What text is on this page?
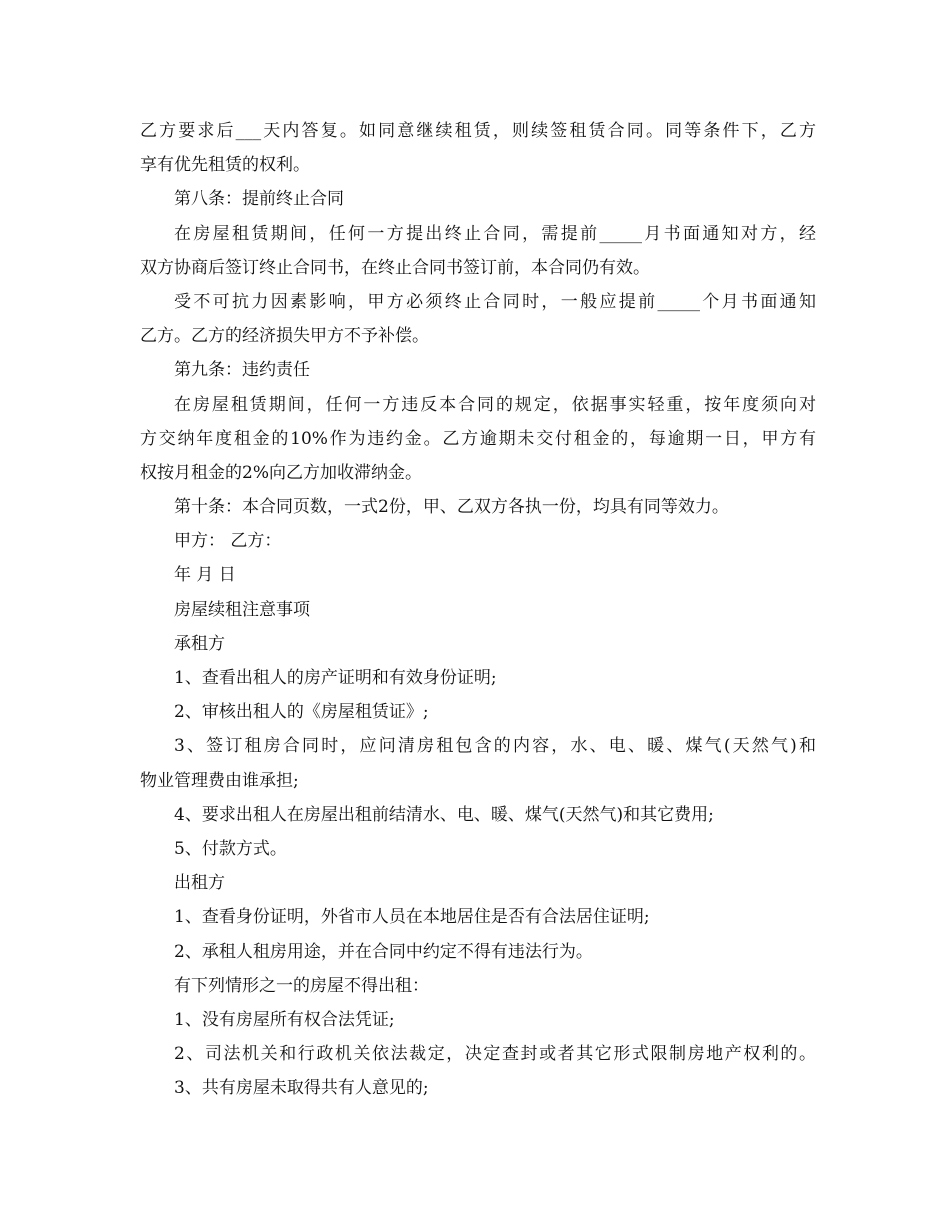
乙方要求后___天内答复。如同意继续租赁，则续签租赁合同。同等条件下，乙方
享有优先租赁的权利。
第八条：提前终止合同
在房屋租赁期间，任何一方提出终止合同，需提前_____月书面通知对方，经
双方协商后签订终止合同书，在终止合同书签订前，本合同仍有效。
受不可抗力因素影响，甲方必须终止合同时，一般应提前_____个月书面通知
乙方。乙方的经济损失甲方不予补偿。
第九条：违约责任
在房屋租赁期间，任何一方违反本合同的规定，依据事实轻重，按年度须向对
方交纳年度租金的10%作为违约金。乙方逾期未交付租金的，每逾期一日，甲方有
权按月租金的2%向乙方加收滞纳金。
第十条：本合同页数，一式2份，甲、乙双方各执一份，均具有同等效力。
甲方： 乙方：
年 月 日
房屋续租注意事项
承租方
1、查看出租人的房产证明和有效身份证明;
2、审核出租人的《房屋租赁证》;
3、签订租房合同时，应问清房租包含的内容，水、电、暖、煤气(天然气)和
物业管理费由谁承担;
4、要求出租人在房屋出租前结清水、电、暖、煤气(天然气)和其它费用;
5、付款方式。
出租方
1、查看身份证明，外省市人员在本地居住是否有合法居住证明;
2、承租人租房用途，并在合同中约定不得有违法行为。
有下列情形之一的房屋不得出租：
1、没有房屋所有权合法凭证;
2、司法机关和行政机关依法裁定，决定查封或者其它形式限制房地产权利的。
3、共有房屋未取得共有人意见的;
